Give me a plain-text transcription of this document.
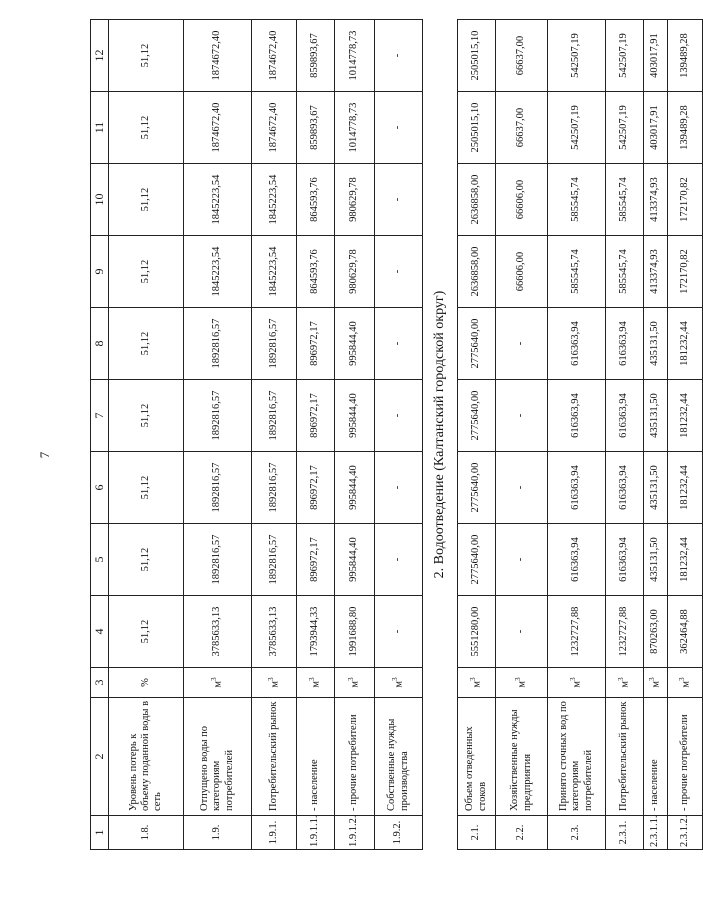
7
1	2	3	4	5	6	7	8	9	10	11	12
1.8.	Уровень потерь к объему поданной воды в сеть	%	51,12	51,12	51,12	51,12	51,12	51,12	51,12	51,12	51,12
1.9.	Отпущено воды по категориям потребителей	$м^3$	3785633,13	1892816,57	1892816,57	1892816,57	1892816,57	1845223,54	1845223,54	1874672,40	1874672,40
1.9.1.	Потребительский рынок	$м^3$	3785633,13	1892816,57	1892816,57	1892816,57	1892816,57	1845223,54	1845223,54	1874672,40	1874672,40
1.9.1.1.	- население	$м^3$	1793944,33	896972,17	896972,17	896972,17	896972,17	864593,76	864593,76	859893,67	859893,67
1.9.1.2.	- прочие потребители	$м^3$	1991688,80	995844,40	995844,40	995844,40	995844,40	980629,78	980629,78	1014778,73	1014778,73
1.9.2.	Собственные нужды производства	$м^3$	-	-	-	-	-	-	-	-	-
2. Водоотведение (Калтанский городской округ)											
2.1.	Объем отведенных стоков	$м^3$	5551280,00	2775640,00	2775640,00	2775640,00	2775640,00	2636858,00	2636858,00	2505015,10	2505015,10
2.2.	Хозяйственные нужды предприятия	$м^3$	-	-	-	-	-	66606,00	66606,00	66637,00	66637,00
2.3.	Принято сточных вод по категориям потребителей	$м^3$	1232727,88	616363,94	616363,94	616363,94	616363,94	585545,74	585545,74	542507,19	542507,19
2.3.1.	Потребительский рынок	$м^3$	1232727,88	616363,94	616363,94	616363,94	616363,94	585545,74	585545,74	542507,19	542507,19
2.3.1.1.	- население	$м^3$	870263,00	435131,50	435131,50	435131,50	435131,50	413374,93	413374,93	403017,91	403017,91
2.3.1.2.	- прочие потребители	$м^3$	362464,88	181232,44	181232,44	181232,44	181232,44	172170,82	172170,82	139489,28	139489,28
